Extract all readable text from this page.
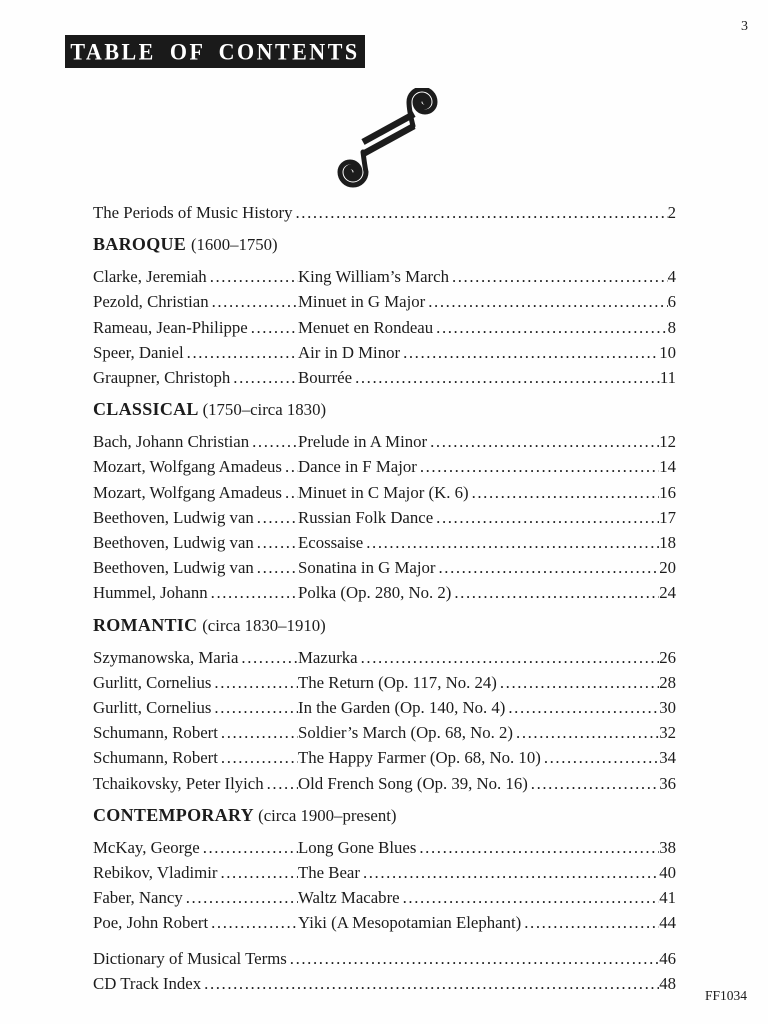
3
TABLE OF CONTENTS
The Periods of Music History .....	2
BAROQUE (1600–1750)
Clarke, Jeremiah .....	King William’s March .....	4
Pezold, Christian .....	Minuet in G Major .....	6
Rameau, Jean-Philippe .....	Menuet en Rondeau .....	8
Speer, Daniel .....	Air in D Minor .....	10
Graupner, Christoph .....	Bourrée .....	11
CLASSICAL (1750–circa 1830)
Bach, Johann Christian .....	Prelude in A Minor .....	12
Mozart, Wolfgang Amadeus ..... Dance in F Major .....	14
Mozart, Wolfgang Amadeus ..... Minuet in C Major (K. 6) .....	16
Beethoven, Ludwig van .....	Russian Folk Dance .....	17
Beethoven, Ludwig van .....	Ecossaise .....	18
Beethoven, Ludwig van .....	Sonatina in G Major .....	20
Hummel, Johann .....	Polka (Op. 280, No. 2) .....	24
ROMANTIC (circa 1830–1910)
Szymanowska, Maria .....	Mazurka .....	26
Gurlitt, Cornelius .....	The Return (Op. 117, No. 24) .....	28
Gurlitt, Cornelius .....	In the Garden (Op. 140, No. 4) .....	30
Schumann, Robert .....	Soldier’s March (Op. 68, No. 2) .....	32
Schumann, Robert .....	The Happy Farmer (Op. 68, No. 10) .....	34
Tchaikovsky, Peter Ilyich ..... Old French Song (Op. 39, No. 16) .....	36
CONTEMPORARY (circa 1900–present)
McKay, George .....	Long Gone Blues .....	38
Rebikov, Vladimir .....	The Bear .....	40
Faber, Nancy .....	Waltz Macabre .....	41
Poe, John Robert .....	Yiki (A Mesopotamian Elephant) .....	44
Dictionary of Musical Terms .....	46
CD Track Index .....	48
FF1034
